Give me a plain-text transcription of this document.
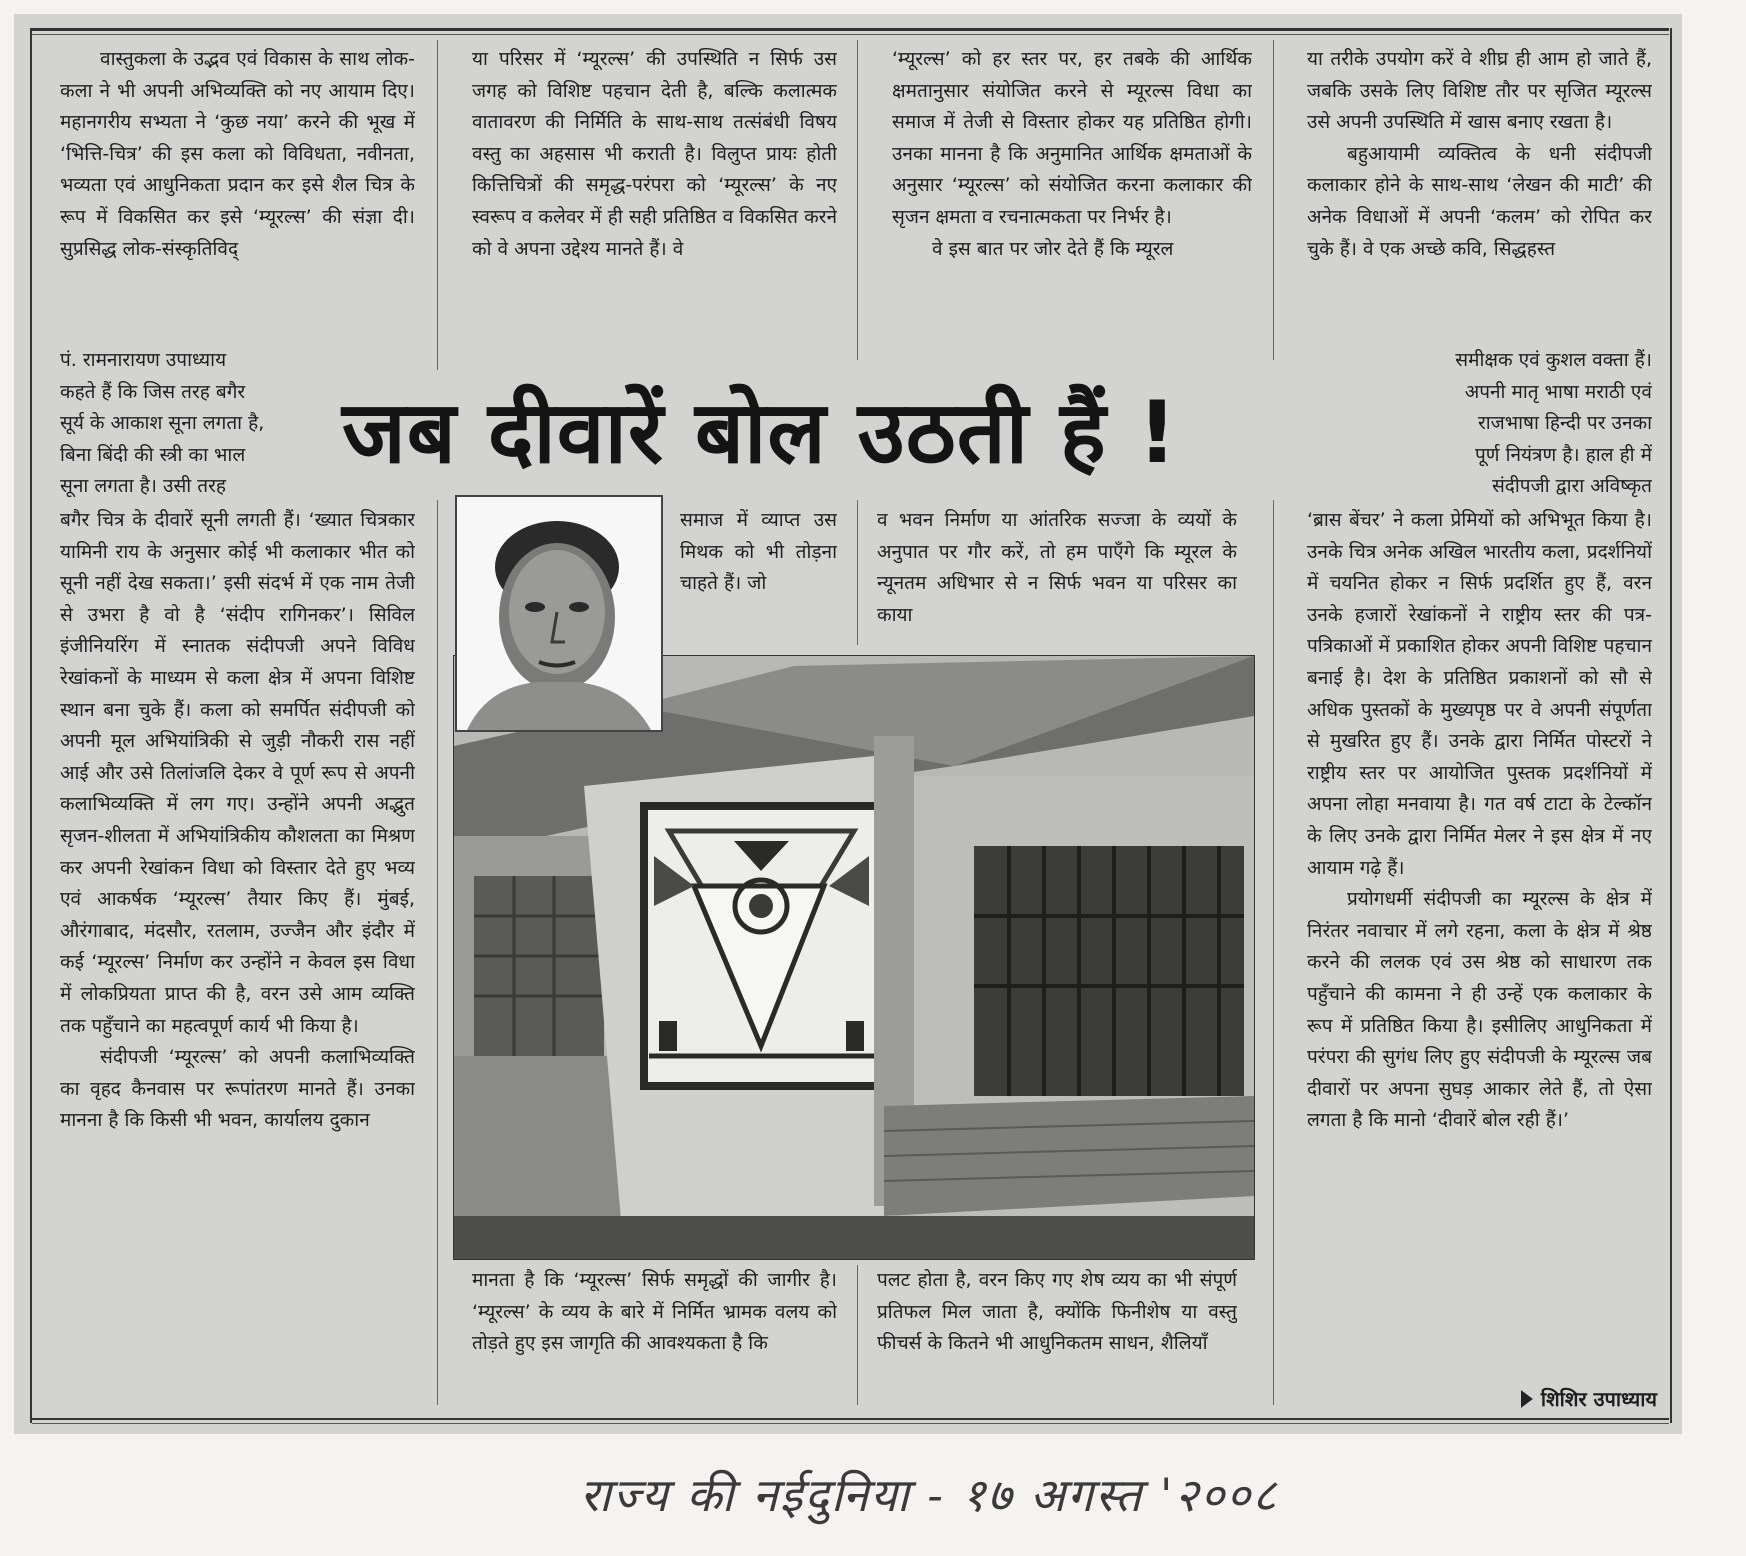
वास्तुकला के उद्भव एवं विकास के साथ लोक-कला ने भी अपनी अभिव्यक्ति को नए आयाम दिए। महानगरीय सभ्यता ने ‘कुछ नया’ करने की भूख में ‘भित्ति-चित्र’ की इस कला को विविधता, नवीनता, भव्यता एवं आधुनिकता प्रदान कर इसे शैल चित्र के रूप में विकसित कर इसे ‘म्यूरल्स’ की संज्ञा दी। सुप्रसिद्ध लोक-संस्कृतिविद्

पं. रामनारायण उपाध्याय

कहते हैं कि जिस तरह बगैर

सूर्य के आकाश सूना लगता है,

बिना बिंदी की स्त्री का भाल

सूना लगता है। उसी तरह

बगैर चित्र के दीवारें सूनी लगती हैं। ‘ख्यात चित्रकार यामिनी राय के अनुसार कोई भी कलाकार भीत को सूनी नहीं देख सकता।’ इसी संदर्भ में एक नाम तेजी से उभरा है वो है ‘संदीप रागिनकर’। सिविल इंजीनियरिंग में स्नातक संदीपजी अपने विविध रेखांकनों के माध्यम से कला क्षेत्र में अपना विशिष्ट स्थान बना चुके हैं। कला को समर्पित संदीपजी को अपनी मूल अभियांत्रिकी से जुड़ी नौकरी रास नहीं आई और उसे तिलांजलि देकर वे पूर्ण रूप से अपनी कलाभिव्यक्ति में लग गए। उन्होंने अपनी अद्भुत सृजन-शीलता में अभियांत्रिकीय कौशलता का मिश्रण कर अपनी रेखांकन विधा को विस्तार देते हुए भव्य एवं आकर्षक ‘म्यूरल्स’ तैयार किए हैं। मुंबई, औरंगाबाद, मंदसौर, रतलाम, उज्जैन और इंदौर में कई ‘म्यूरल्स’ निर्माण कर उन्होंने न केवल इस विधा में लोकप्रियता प्राप्त की है, वरन उसे आम व्यक्ति तक पहुँचाने का महत्वपूर्ण कार्य भी किया है।

संदीपजी ‘म्यूरल्स’ को अपनी कलाभिव्यक्ति का वृहद कैनवास पर रूपांतरण मानते हैं। उनका मानना है कि किसी भी भवन, कार्यालय दुकान

या परिसर में ‘म्यूरल्स’ की उपस्थिति न सिर्फ उस जगह को विशिष्ट पहचान देती है, बल्कि कलात्मक वातावरण की निर्मिति के साथ-साथ तत्संबंधी विषय वस्तु का अहसास भी कराती है। विलुप्त प्रायः होती कित्तिचित्रों की समृद्ध-परंपरा को ‘म्यूरल्स’ के नए स्वरूप व कलेवर में ही सही प्रतिष्ठित व विकसित करने को वे अपना उद्देश्य मानते हैं। वे

‘म्यूरल्स’ को हर स्तर पर, हर तबके की आर्थिक क्षमतानुसार संयोजित करने से म्यूरल्स विधा का समाज में तेजी से विस्तार होकर यह प्रतिष्ठित होगी। उनका मानना है कि अनुमानित आर्थिक क्षमताओं के अनुसार ‘म्यूरल्स’ को संयोजित करना कलाकार की सृजन क्षमता व रचनात्मकता पर निर्भर है।

वे इस बात पर जोर देते हैं कि म्यूरल

या तरीके उपयोग करें वे शीघ्र ही आम हो जाते हैं, जबकि उसके लिए विशिष्ट तौर पर सृजित म्यूरल्स उसे अपनी उपस्थिति में खास बनाए रखता है।

बहुआयामी व्यक्तित्व के धनी संदीपजी कलाकार होने के साथ-साथ ‘लेखन की माटी’ की अनेक विधाओं में अपनी ‘कलम’ को रोपित कर चुके हैं। वे एक अच्छे कवि, सिद्धहस्त

समीक्षक एवं कुशल वक्ता हैं।

अपनी मातृ भाषा मराठी एवं

राजभाषा हिन्दी पर उनका

पूर्ण नियंत्रण है। हाल ही में

संदीपजी द्वारा अविष्कृत

‘ब्रास बेंचर’ ने कला प्रेमियों को अभिभूत किया है। उनके चित्र अनेक अखिल भारतीय कला, प्रदर्शनियों में चयनित होकर न सिर्फ प्रदर्शित हुए हैं, वरन उनके हजारों रेखांकनों ने राष्ट्रीय स्तर की पत्र-पत्रिकाओं में प्रकाशित होकर अपनी विशिष्ट पहचान बनाई है। देश के प्रतिष्ठित प्रकाशनों को सौ से अधिक पुस्तकों के मुख्यपृष्ठ पर वे अपनी संपूर्णता से मुखरित हुए हैं। उनके द्वारा निर्मित पोस्टरों ने राष्ट्रीय स्तर पर आयोजित पुस्तक प्रदर्शनियों में अपना लोहा मनवाया है। गत वर्ष टाटा के टेल्कॉन के लिए उनके द्वारा निर्मित मेलर ने इस क्षेत्र में नए आयाम गढ़े हैं।

प्रयोगधर्मी संदीपजी का म्यूरल्स के क्षेत्र में निरंतर नवाचार में लगे रहना, कला के क्षेत्र में श्रेष्ठ करने की ललक एवं उस श्रेष्ठ को साधारण तक पहुँचाने की कामना ने ही उन्हें एक कलाकार के रूप में प्रतिष्ठित किया है। इसीलिए आधुनिकता में परंपरा की सुगंध लिए हुए संदीपजी के म्यूरल्स जब दीवारों पर अपना सुघड़ आकार लेते हैं, तो ऐसा लगता है कि मानो ‘दीवारें बोल रही हैं।’

जब दीवारें बोल उठती हैं !

समाज में व्याप्त उस मिथक को भी तोड़ना चाहते हैं। जो

व भवन निर्माण या आंतरिक सज्जा के व्ययों के अनुपात पर गौर करें, तो हम पाएँगे कि म्यूरल के न्यूनतम अधिभार से न सिर्फ भवन या परिसर का काया

मानता है कि ‘म्यूरल्स’ सिर्फ समृद्धों की जागीर है। ‘म्यूरल्स’ के व्यय के बारे में निर्मित भ्रामक वलय को तोड़ते हुए इस जागृति की आवश्यकता है कि

पलट होता है, वरन किए गए शेष व्यय का भी संपूर्ण प्रतिफल मिल जाता है, क्योंकि फिनीशेष या वस्तु फीचर्स के कितने भी आधुनिकतम साधन, शैलियाँ

शिशिर उपाध्याय
राज्य की नईदुनिया - १७ अगस्त '२००८
